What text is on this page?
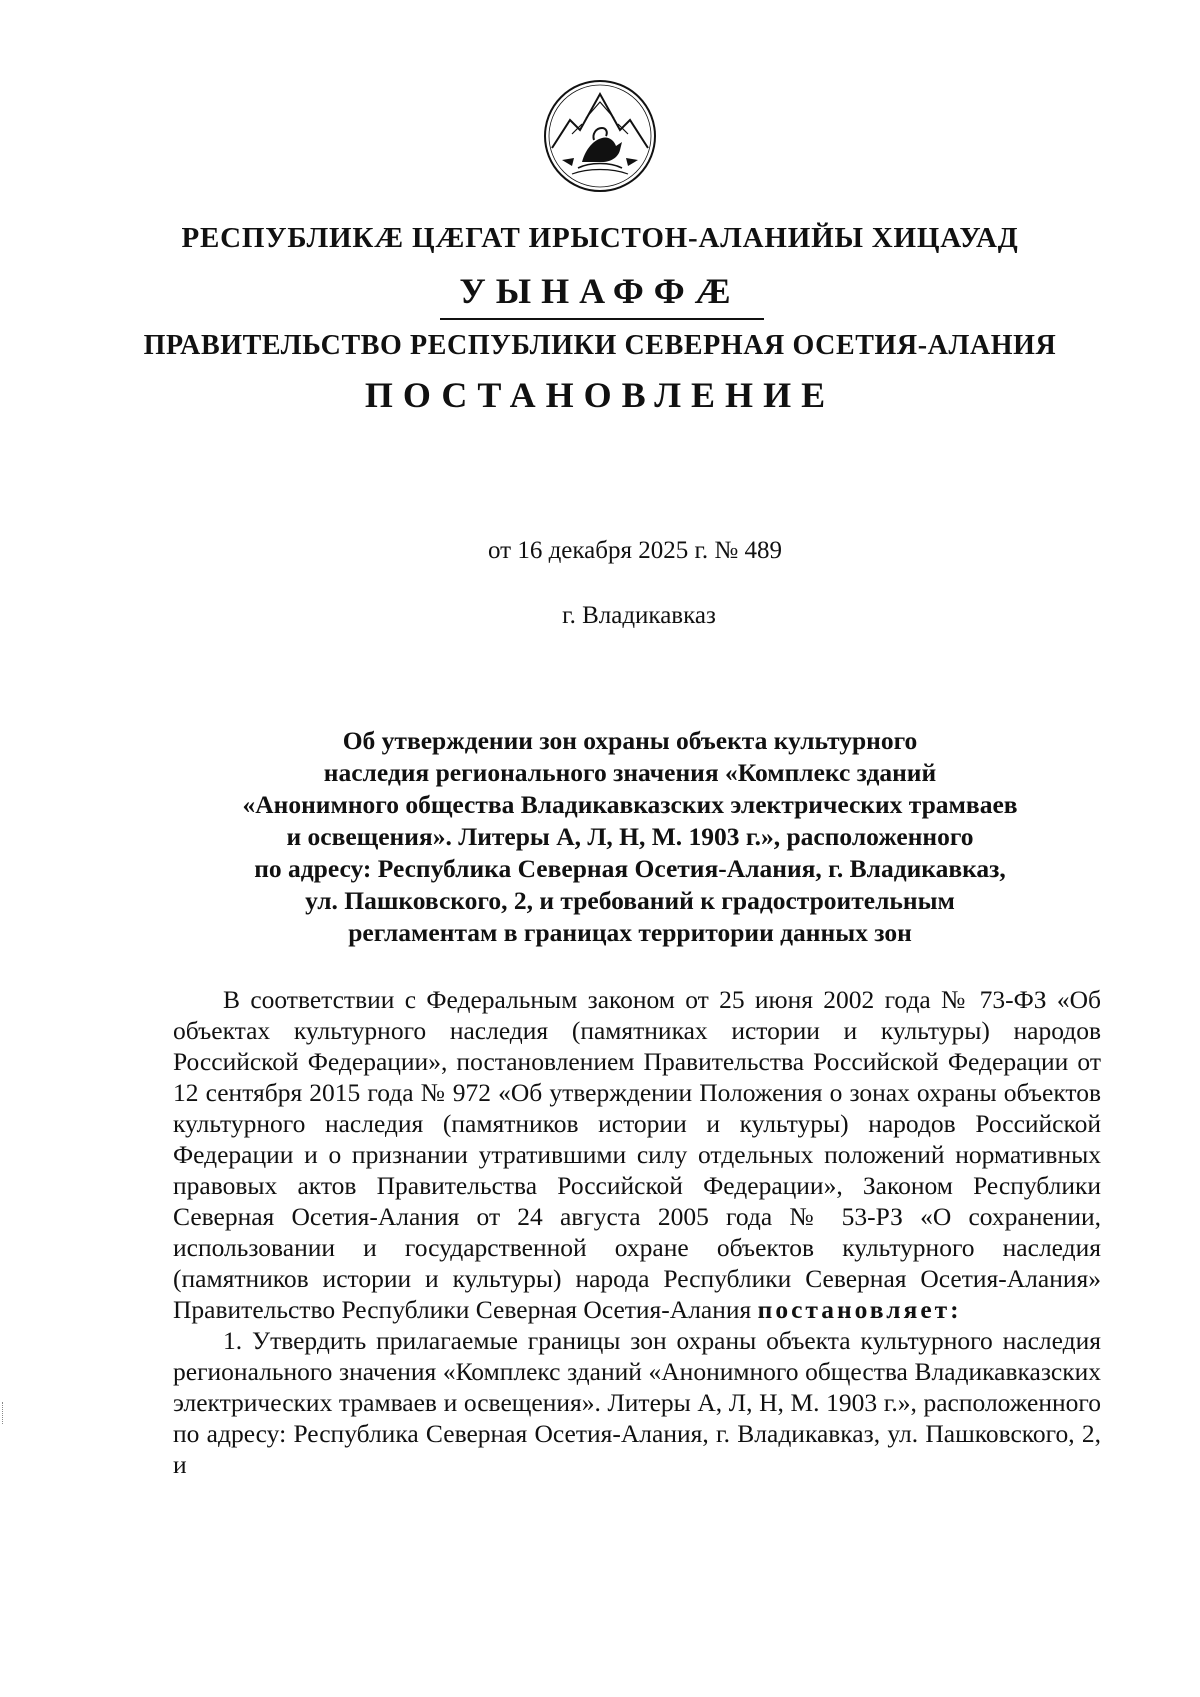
РЕСПУБЛИКӔ ЦӔГАТ ИРЫСТОН-АЛАНИЙЫ ХИЦАУАД
УЫНАФФӔ
ПРАВИТЕЛЬСТВО РЕСПУБЛИКИ СЕВЕРНАЯ ОСЕТИЯ-АЛАНИЯ
ПОСТАНОВЛЕНИЕ
от 16 декабря 2025 г. № 489
г. Владикавказ
Об утверждении зон охраны объекта культурного
наследия регионального значения «Комплекс зданий
«Анонимного общества Владикавказских электрических трамваев
и освещения». Литеры А, Л, Н, М. 1903 г.», расположенного
по адресу: Республика Северная Осетия-Алания, г. Владикавказ,
ул. Пашковского, 2, и требований к градостроительным
регламентам в границах территории данных зон

В соответствии с Федеральным законом от 25 июня 2002 года № 73-ФЗ «Об объектах культурного наследия (памятниках истории и культуры) народов Российской Федерации», постановлением Правительства Российской Федерации от 12 сентября 2015 года № 972 «Об утверждении Положения о зонах охраны объектов культурного наследия (памятников истории и культуры) народов Российской Федерации и о признании утратившими силу отдельных положений нормативных правовых актов Правительства Российской Федерации», Законом Республики Северная Осетия-Алания от 24 августа 2005 года № 53-РЗ «О сохранении, использовании и государственной охране объектов культурного наследия (памятников истории и культуры) народа Республики Северная Осетия-Алания» Правительство Республики Северная Осетия-Алания постановляет:

1. Утвердить прилагаемые границы зон охраны объекта культурного наследия регионального значения «Комплекс зданий «Анонимного общества Владикавказских электрических трамваев и освещения». Литеры А, Л, Н, М. 1903 г.», расположенного по адресу: Республика Северная Осетия-Алания, г. Владикавказ, ул. Пашковского, 2, и
